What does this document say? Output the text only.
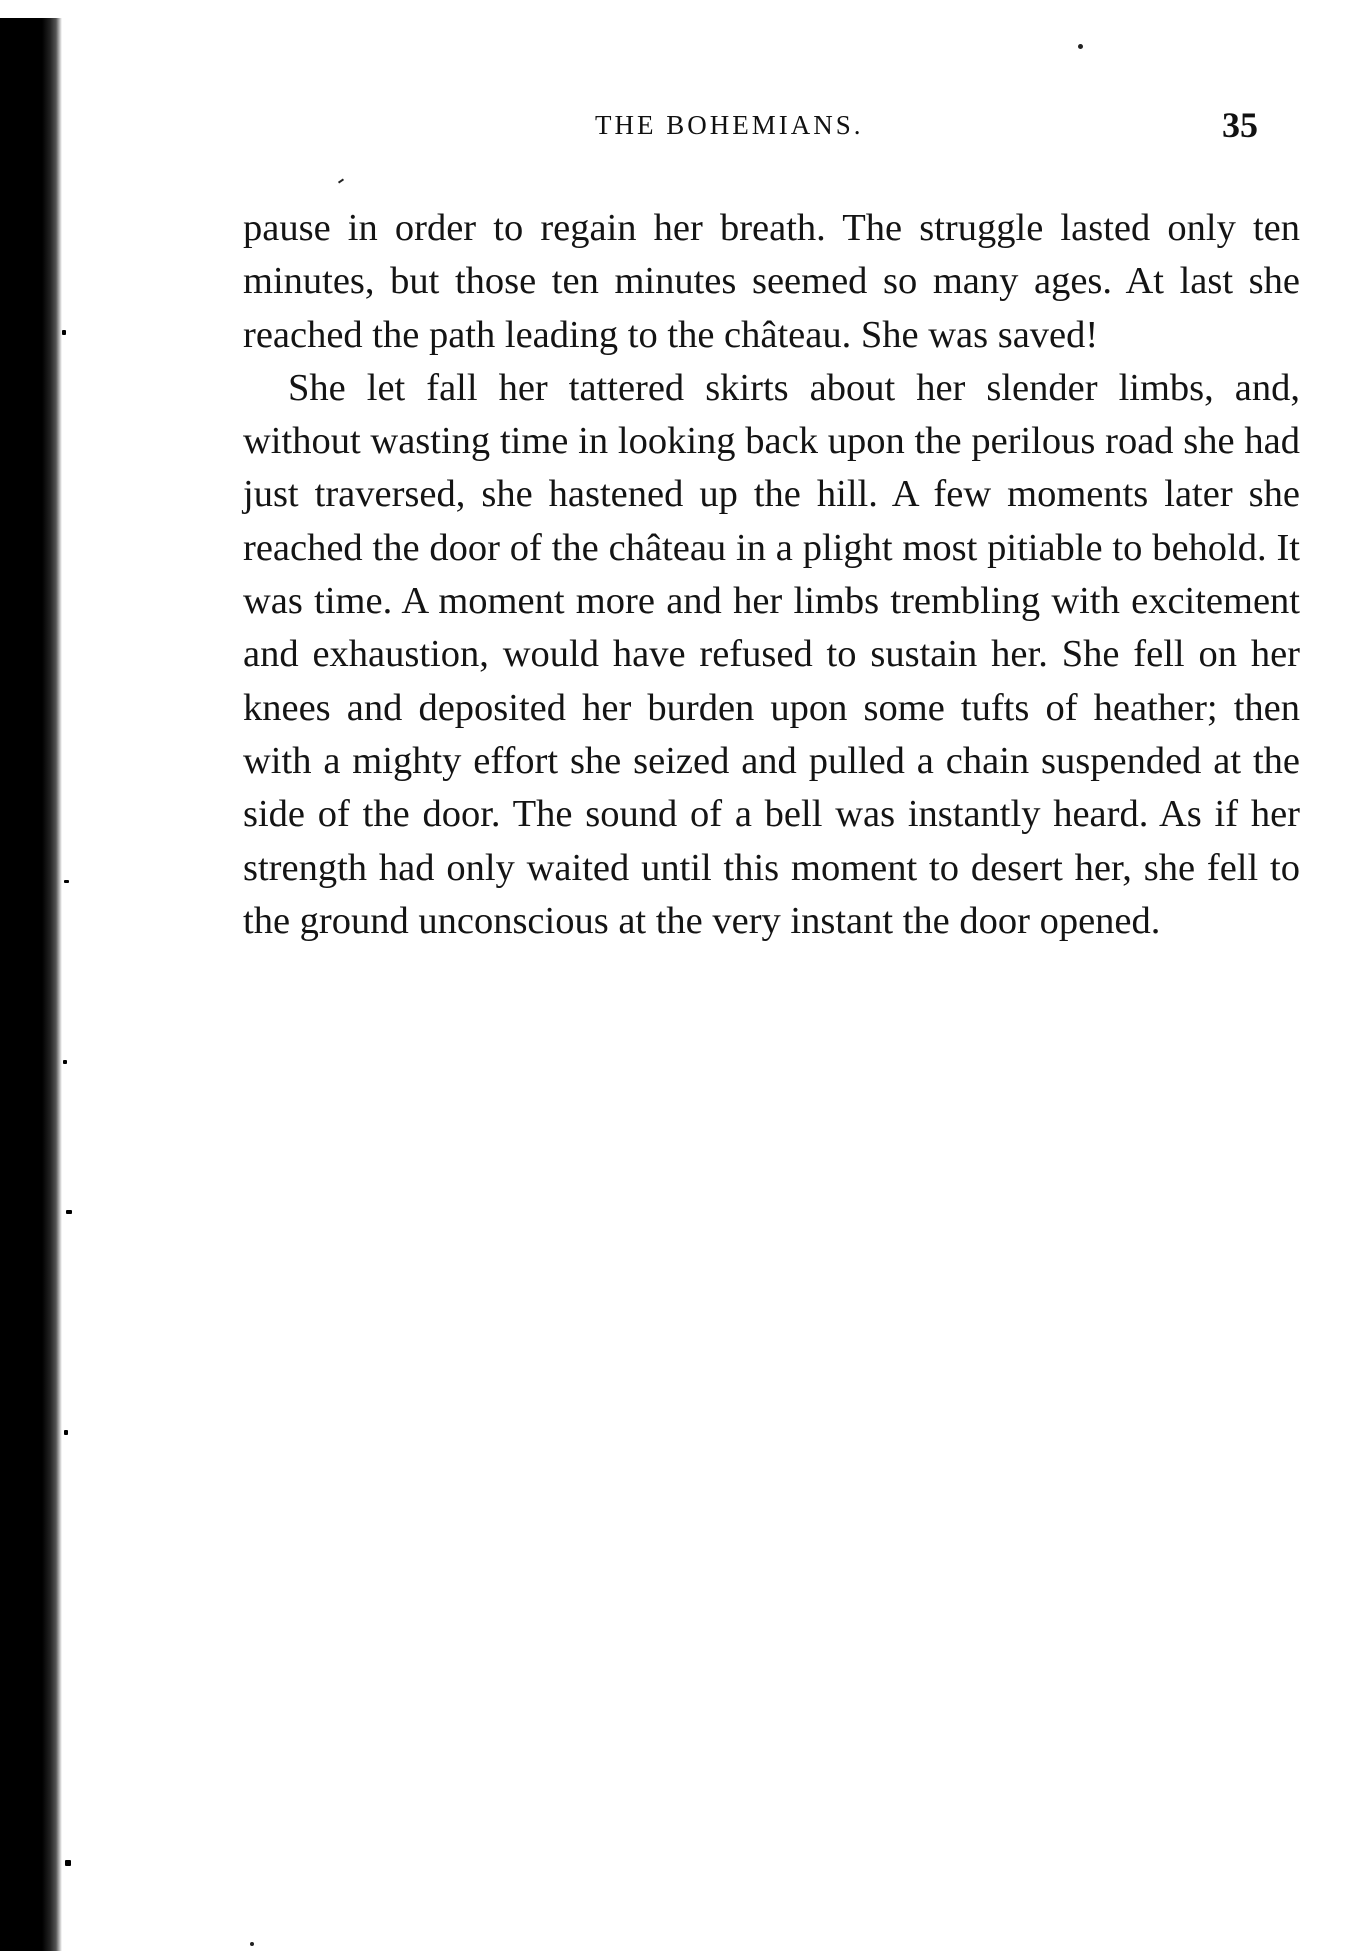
THE BOHEMIANS.	35

pause in order to regain her breath. The struggle lasted only ten minutes, but those ten minutes seemed so many ages. At last she reached the path leading to the château. She was saved!

She let fall her tattered skirts about her slender limbs, and, without wasting time in looking back upon the perilous road she had just traversed, she hastened up the hill. A few moments later she reached the door of the château in a plight most pitiable to behold. It was time. A moment more and her limbs trembling with excitement and exhaustion, would have refused to sustain her. She fell on her knees and deposited her burden upon some tufts of heather; then with a mighty effort she seized and pulled a chain suspended at the side of the door. The sound of a bell was instantly heard. As if her strength had only waited until this moment to desert her, she fell to the ground unconscious at the very instant the door opened.
